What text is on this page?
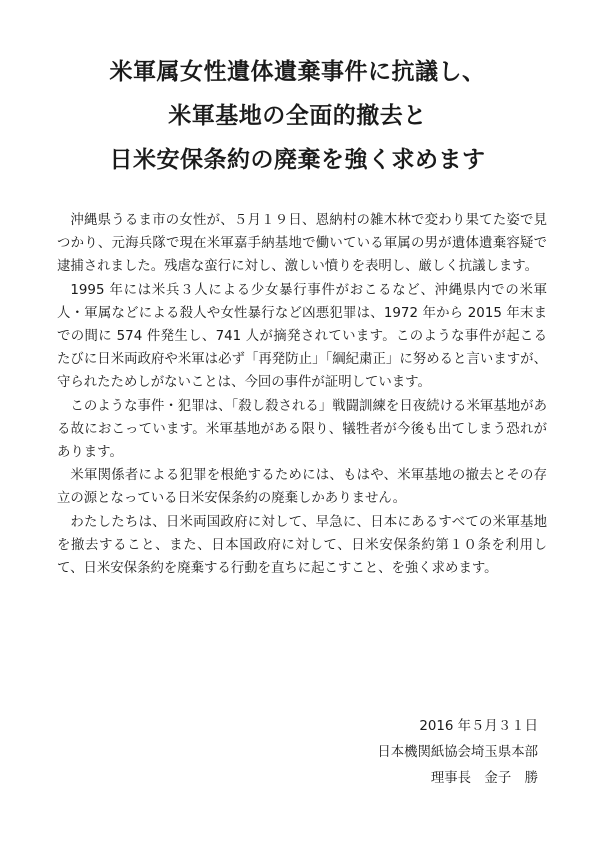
米軍属女性遺体遺棄事件に抗議し、
米軍基地の全面的撤去と
日米安保条約の廃棄を強く求めます

沖縄県うるま市の女性が、５月１９日、恩納村の雑木林で変わり果てた姿で見つかり、元海兵隊で現在米軍嘉手納基地で働いている軍属の男が遺体遺棄容疑で逮捕されました。残虐な蛮行に対し、激しい憤りを表明し、厳しく抗議します。

1995 年には米兵３人による少女暴行事件がおこるなど、沖縄県内での米軍人・軍属などによる殺人や女性暴行など凶悪犯罪は、1972 年から 2015 年末までの間に 574 件発生し、741 人が摘発されています。このような事件が起こるたびに日米両政府や米軍は必ず「再発防止」「綱紀粛正」に努めると言いますが、守られたためしがないことは、今回の事件が証明しています。

このような事件・犯罪は、「殺し殺される」戦闘訓練を日夜続ける米軍基地がある故におこっています。米軍基地がある限り、犠牲者が今後も出てしまう恐れがあります。

米軍関係者による犯罪を根絶するためには、もはや、米軍基地の撤去とその存立の源となっている日米安保条約の廃棄しかありません。

わたしたちは、日米両国政府に対して、早急に、日本にあるすべての米軍基地を撤去すること、また、日本国政府に対して、日米安保条約第１０条を利用して、日米安保条約を廃棄する行動を直ちに起こすこと、を強く求めます。

2016 年５月３１日
日本機関紙協会埼玉県本部
理事長　金子　勝
